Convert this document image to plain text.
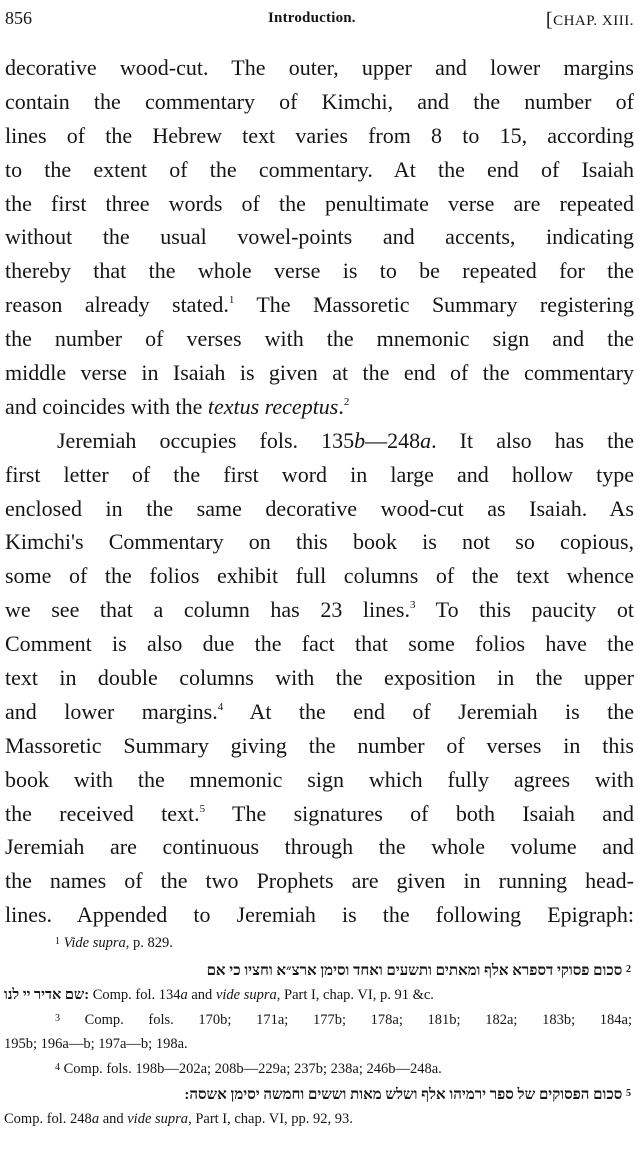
856	Introduction.	[CHAP. XIII.
decorative wood-cut. The outer, upper and lower margins
contain the commentary of Kimchi, and the number of
lines of the Hebrew text varies from 8 to 15, according
to the extent of the commentary. At the end of Isaiah
the first three words of the penultimate verse are repeated
without the usual vowel-points and accents, indicating
thereby that the whole verse is to be repeated for the
reason already stated.$^1$ The Massoretic Summary registering
the number of verses with the mnemonic sign and the
middle verse in Isaiah is given at the end of the commentary
and coincides with the textus receptus.$^2$
Jeremiah occupies fols. 135b—248a. It also has the
first letter of the first word in large and hollow type
enclosed in the same decorative wood-cut as Isaiah. As
Kimchi's Commentary on this book is not so copious,
some of the folios exhibit full columns of the text whence
we see that a column has 23 lines.$^3$ To this paucity ot
Comment is also due the fact that some folios have the
text in double columns with the exposition in the upper
and lower margins.$^4$ At the end of Jeremiah is the
Massoretic Summary giving the number of verses in this
book with the mnemonic sign which fully agrees with
the received text.$^5$ The signatures of both Isaiah and
Jeremiah are continuous through the whole volume and
the names of the two Prophets are given in running head-
lines. Appended to Jeremiah is the following Epigraph:
$^1$ Vide supra, p. 829.
$^2$ סכום פסוקי דספרא אלף ומאתים ותשעים ואחד וסימן ארצ״א וחציו כי אם
שם אדיר יי לנו: Comp. fol. 134a and vide supra, Part I, chap. VI, p. 91 &c.
$^3$ Comp. fols. 170b; 171a; 177b; 178a; 181b; 182a; 183b; 184a;
195b; 196a—b; 197a—b; 198a.
$^4$ Comp. fols. 198b—202a; 208b—229a; 237b; 238a; 246b—248a.
$^5$ סכום הפסוקים של ספר ירמיהו אלף ושלש מאות וששים וחמשה יסימן אשסה:
Comp. fol. 248a and vide supra, Part I, chap. VI, pp. 92, 93.
